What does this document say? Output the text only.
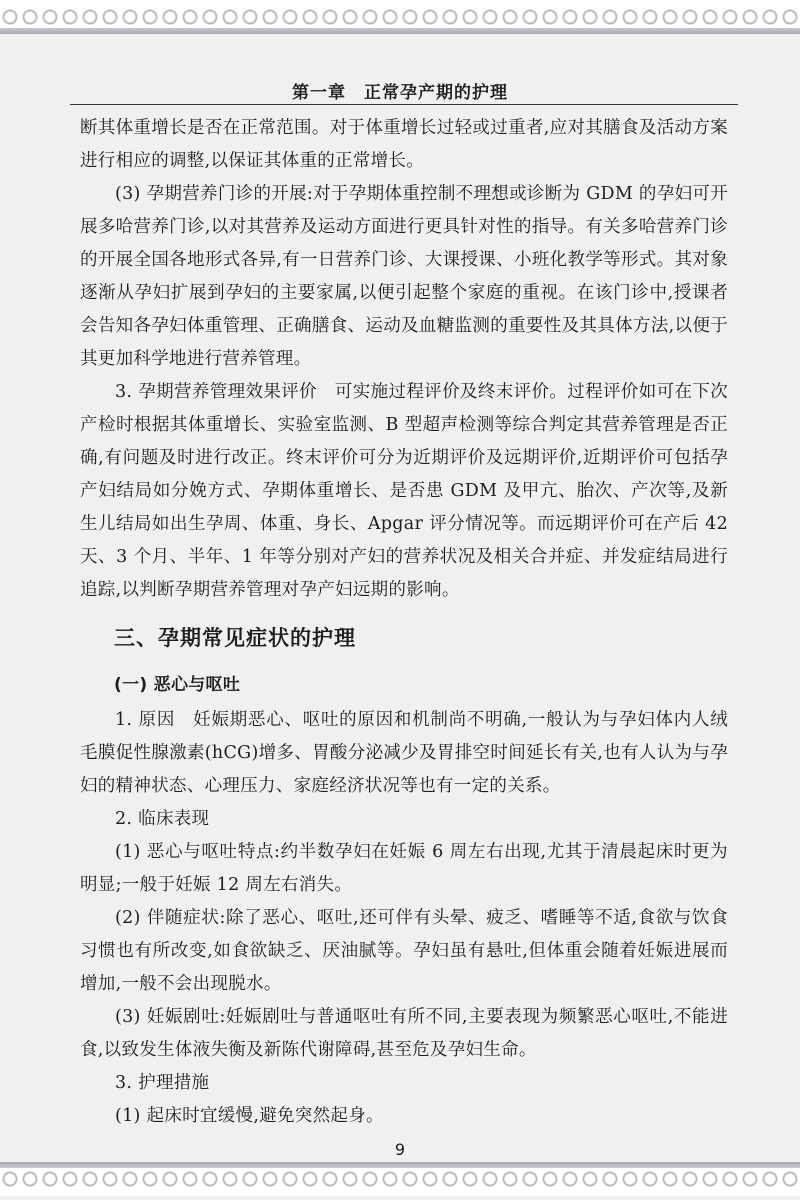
第一章 正常孕产期的护理

断其体重增长是否在正常范围。对于体重增长过轻或过重者,应对其膳食及活动方案进行相应的调整,以保证其体重的正常增长。

(3) 孕期营养门诊的开展:对于孕期体重控制不理想或诊断为 GDM 的孕妇可开展多哈营养门诊,以对其营养及运动方面进行更具针对性的指导。有关多哈营养门诊的开展全国各地形式各异,有一日营养门诊、大课授课、小班化教学等形式。其对象逐渐从孕妇扩展到孕妇的主要家属,以便引起整个家庭的重视。在该门诊中,授课者会告知各孕妇体重管理、正确膳食、运动及血糖监测的重要性及其具体方法,以便于其更加科学地进行营养管理。

3. 孕期营养管理效果评价　可实施过程评价及终末评价。过程评价如可在下次产检时根据其体重增长、实验室监测、B 型超声检测等综合判定其营养管理是否正确,有问题及时进行改正。终末评价可分为近期评价及远期评价,近期评价可包括孕产妇结局如分娩方式、孕期体重增长、是否患 GDM 及甲亢、胎次、产次等,及新生儿结局如出生孕周、体重、身长、Apgar 评分情况等。而远期评价可在产后 42 天、3 个月、半年、1 年等分别对产妇的营养状况及相关合并症、并发症结局进行追踪,以判断孕期营养管理对孕产妇远期的影响。

三、孕期常见症状的护理

(一) 恶心与呕吐

1. 原因　妊娠期恶心、呕吐的原因和机制尚不明确,一般认为与孕妇体内人绒毛膜促性腺激素(hCG)增多、胃酸分泌减少及胃排空时间延长有关,也有人认为与孕妇的精神状态、心理压力、家庭经济状况等也有一定的关系。

2. 临床表现

(1) 恶心与呕吐特点:约半数孕妇在妊娠 6 周左右出现,尤其于清晨起床时更为明显;一般于妊娠 12 周左右消失。

(2) 伴随症状:除了恶心、呕吐,还可伴有头晕、疲乏、嗜睡等不适,食欲与饮食习惯也有所改变,如食欲缺乏、厌油腻等。孕妇虽有悬吐,但体重会随着妊娠进展而增加,一般不会出现脱水。

(3) 妊娠剧吐:妊娠剧吐与普通呕吐有所不同,主要表现为频繁恶心呕吐,不能进食,以致发生体液失衡及新陈代谢障碍,甚至危及孕妇生命。

3. 护理措施

(1) 起床时宜缓慢,避免突然起身。

9
